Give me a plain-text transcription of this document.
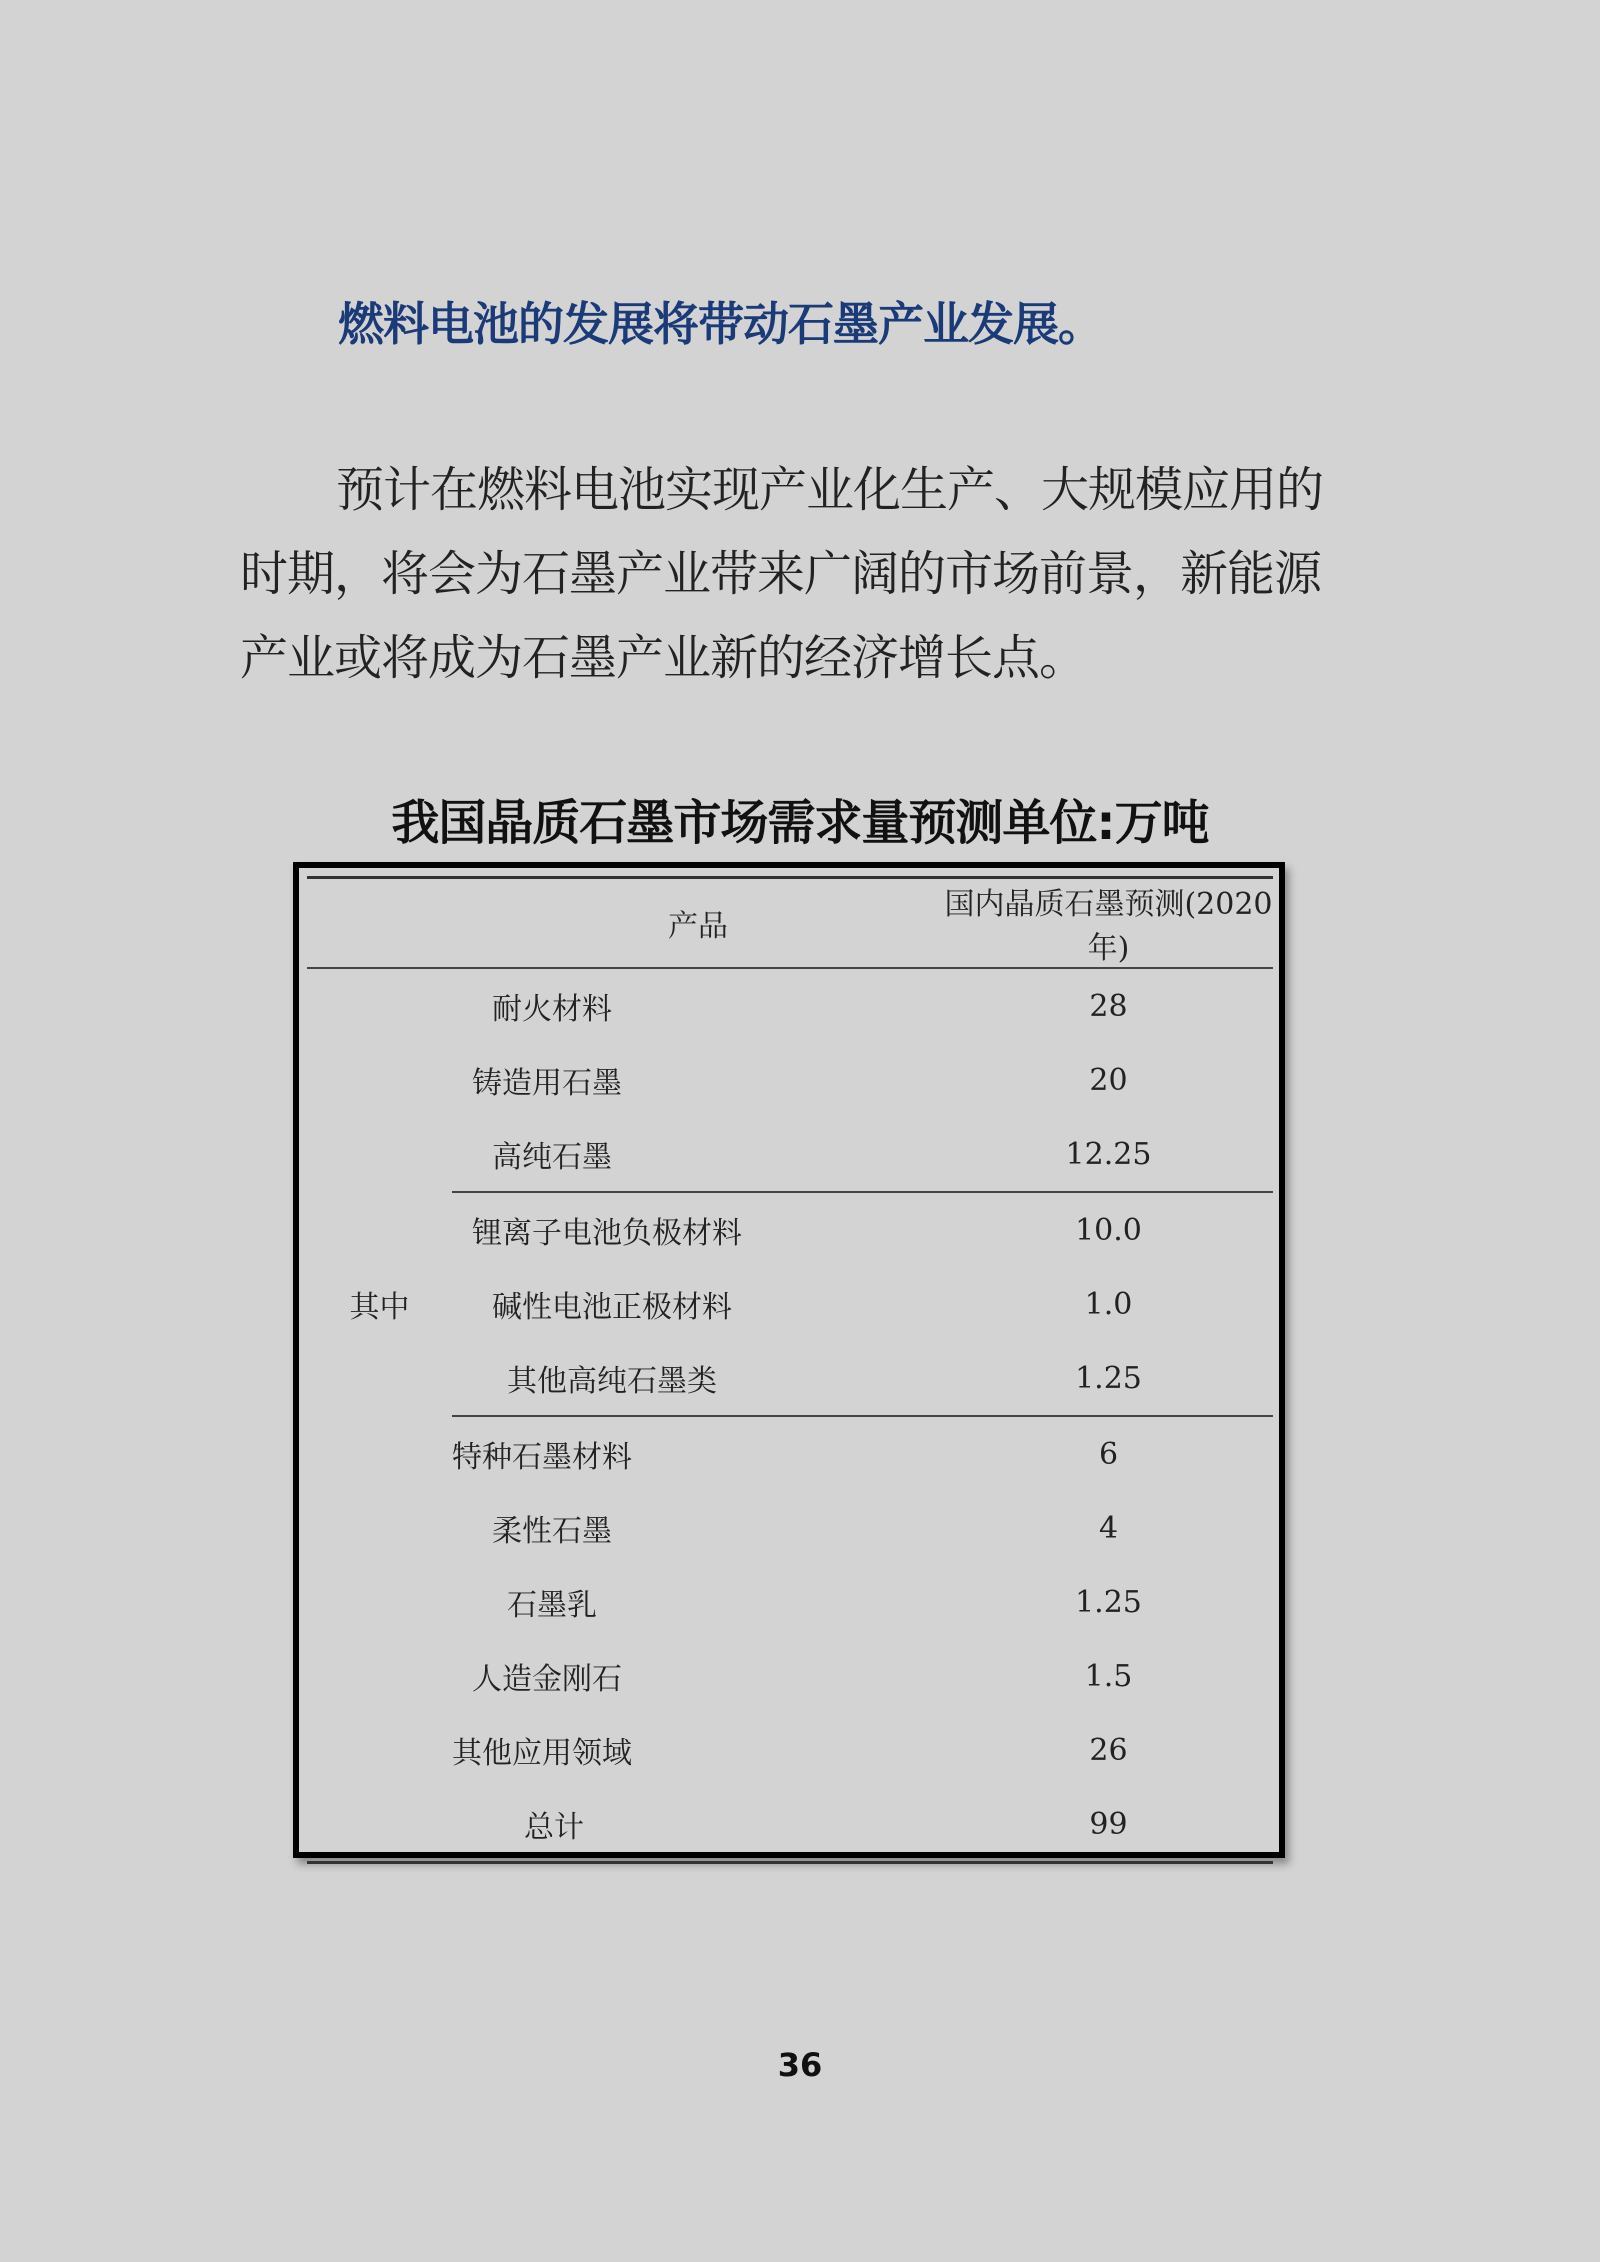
燃料电池的发展将带动石墨产业发展。

预计在燃料电池实现产业化生产、大规模应用的时期，将会为石墨产业带来广阔的市场前景，新能源产业或将成为石墨产业新的经济增长点。

我国晶质石墨市场需求量预测单位:万吨
	产品	国内晶质石墨预测(2020 年)
	耐火材料	28
	铸造用石墨	20
	高纯石墨	12.25
其中	锂离子电池负极材料	10.0
	碱性电池正极材料	1.0
	其他高纯石墨类	1.25
	特种石墨材料	6
	柔性石墨	4
	石墨乳	1.25
	人造金刚石	1.5
	其他应用领域	26
	总计	99
36
